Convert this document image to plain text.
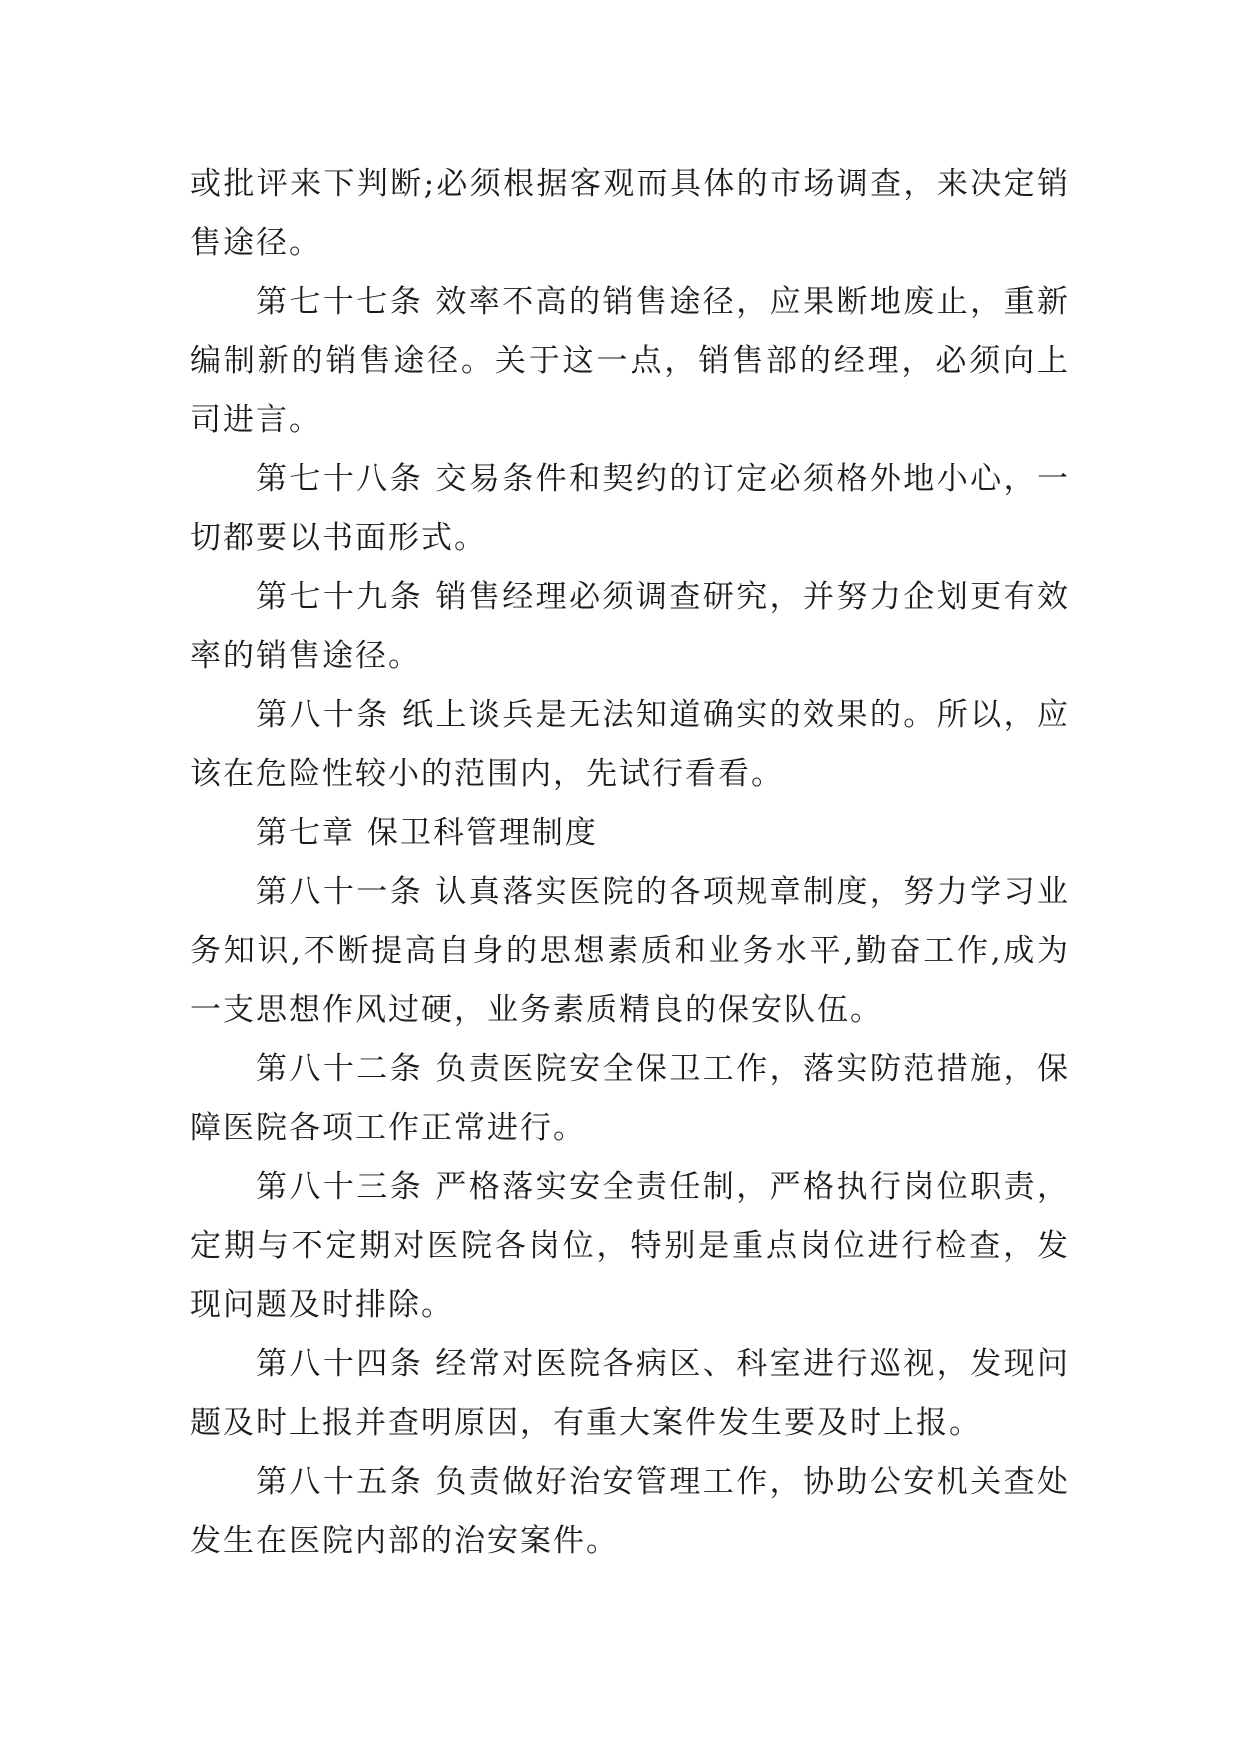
或批评来下判断;必须根据客观而具体的市场调查，来决定销售途径。

第七十七条 效率不高的销售途径，应果断地废止，重新编制新的销售途径。关于这一点，销售部的经理，必须向上司进言。

第七十八条 交易条件和契约的订定必须格外地小心，一切都要以书面形式。

第七十九条 销售经理必须调查研究，并努力企划更有效率的销售途径。

第八十条 纸上谈兵是无法知道确实的效果的。所以，应该在危险性较小的范围内，先试行看看。

第七章 保卫科管理制度

第八十一条 认真落实医院的各项规章制度，努力学习业务知识,不断提高自身的思想素质和业务水平,勤奋工作,成为一支思想作风过硬，业务素质精良的保安队伍。

第八十二条 负责医院安全保卫工作，落实防范措施，保障医院各项工作正常进行。

第八十三条 严格落实安全责任制，严格执行岗位职责，定期与不定期对医院各岗位，特别是重点岗位进行检查，发现问题及时排除。

第八十四条 经常对医院各病区、科室进行巡视，发现问题及时上报并查明原因，有重大案件发生要及时上报。

第八十五条 负责做好治安管理工作，协助公安机关查处发生在医院内部的治安案件。
